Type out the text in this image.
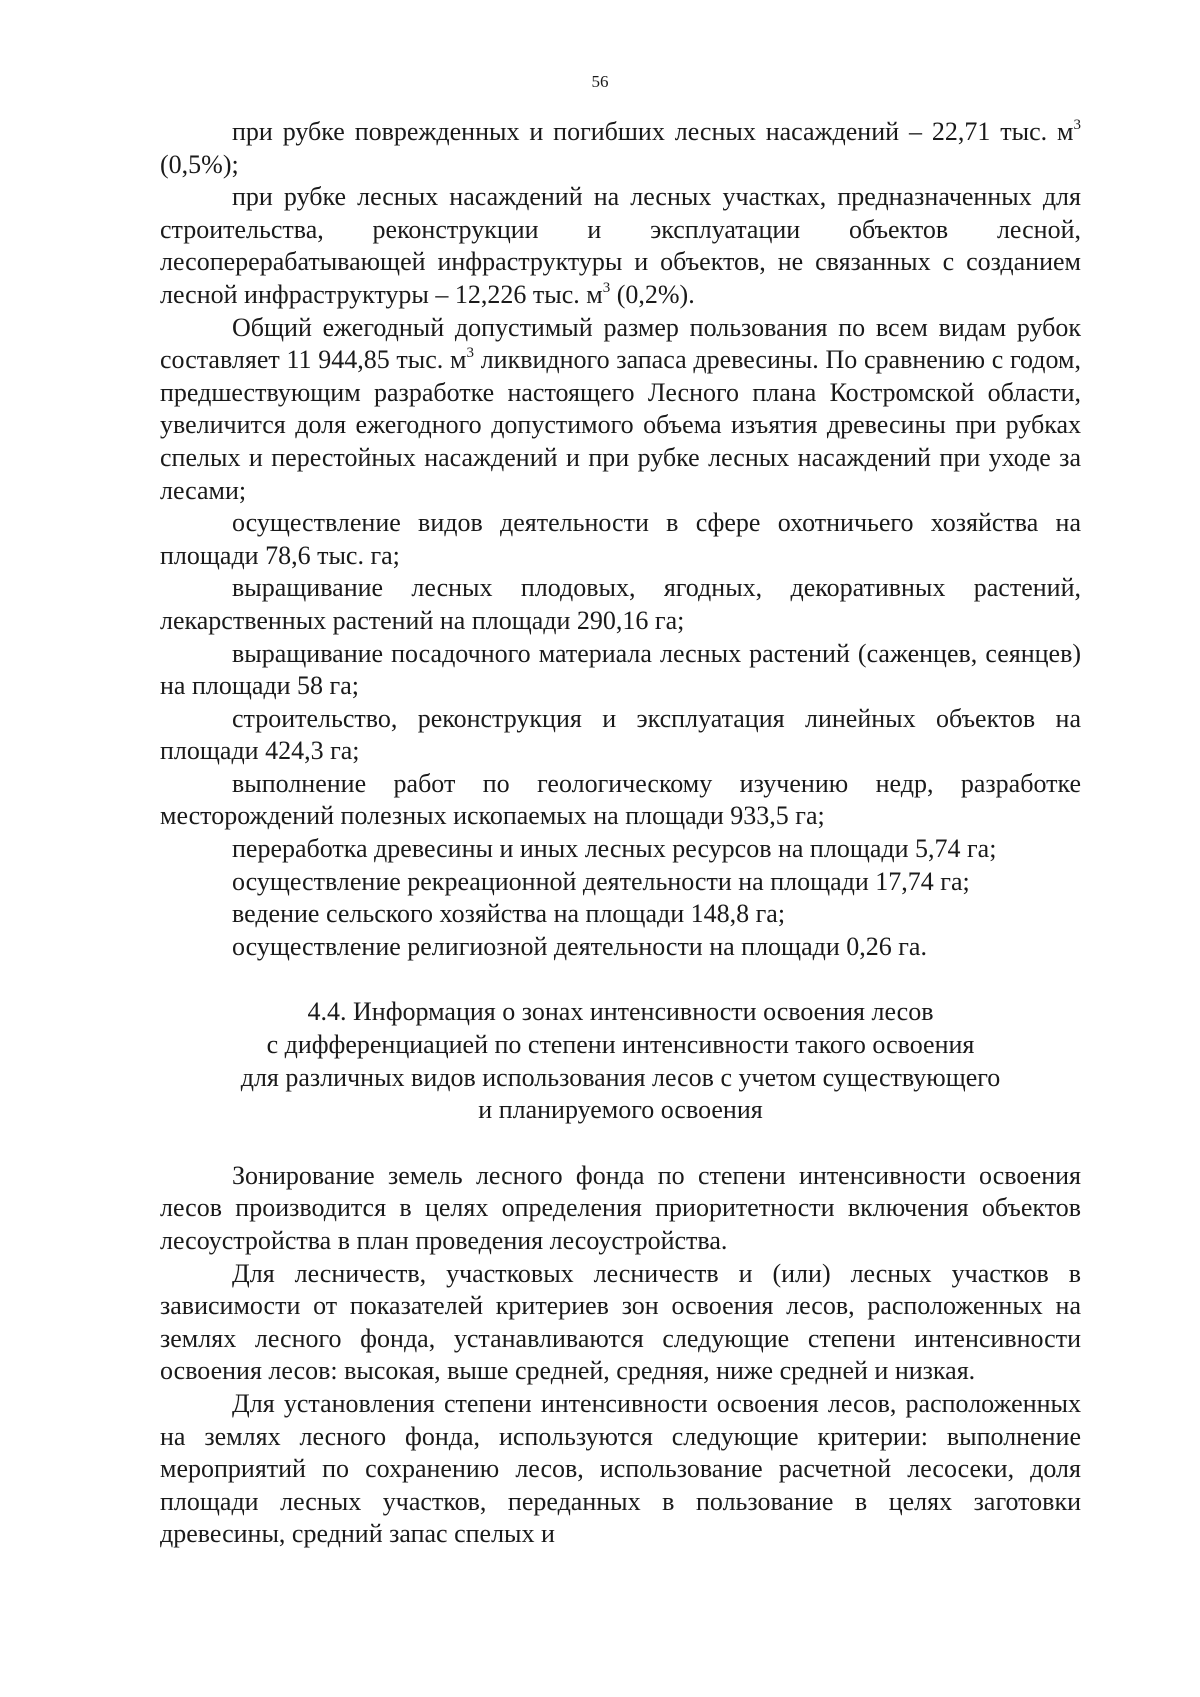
56

при рубке поврежденных и погибших лесных насаждений – 22,71 тыс. $м^3$ (0,5%);

при рубке лесных насаждений на лесных участках, предназначенных для строительства, реконструкции и эксплуатации объектов лесной, лесоперерабатывающей инфраструктуры и объектов, не связанных с созданием лесной инфраструктуры – 12,226 тыс. $м^3$ (0,2%).

Общий ежегодный допустимый размер пользования по всем видам рубок составляет 11 944,85 тыс. $м^3$ ликвидного запаса древесины. По сравнению с годом, предшествующим разработке настоящего Лесного плана Костромской области, увеличится доля ежегодного допустимого объема изъятия древесины при рубках спелых и перестойных насаждений и при рубке лесных насаждений при уходе за лесами;

осуществление видов деятельности в сфере охотничьего хозяйства на площади 78,6 тыс. га;

выращивание лесных плодовых, ягодных, декоративных растений, лекарственных растений на площади 290,16 га;

выращивание посадочного материала лесных растений (саженцев, сеянцев) на площади 58 га;

строительство, реконструкция и эксплуатация линейных объектов на площади 424,3 га;

выполнение работ по геологическому изучению недр, разработке месторождений полезных ископаемых на площади 933,5 га;

переработка древесины и иных лесных ресурсов на площади 5,74 га;

осуществление рекреационной деятельности на площади 17,74 га;

ведение сельского хозяйства на площади 148,8 га;

осуществление религиозной деятельности на площади 0,26 га.

4.4. Информация о зонах интенсивности освоения лесов

с дифференциацией по степени интенсивности такого освоения

для различных видов использования лесов с учетом существующего

и планируемого освоения

Зонирование земель лесного фонда по степени интенсивности освоения лесов производится в целях определения приоритетности включения объектов лесоустройства в план проведения лесоустройства.

Для лесничеств, участковых лесничеств и (или) лесных участков в зависимости от показателей критериев зон освоения лесов, расположенных на землях лесного фонда, устанавливаются следующие степени интенсивности освоения лесов: высокая, выше средней, средняя, ниже средней и низкая.

Для установления степени интенсивности освоения лесов, расположенных на землях лесного фонда, используются следующие критерии: выполнение мероприятий по сохранению лесов, использование расчетной лесосеки, доля площади лесных участков, переданных в пользование в целях заготовки древесины, средний запас спелых и
